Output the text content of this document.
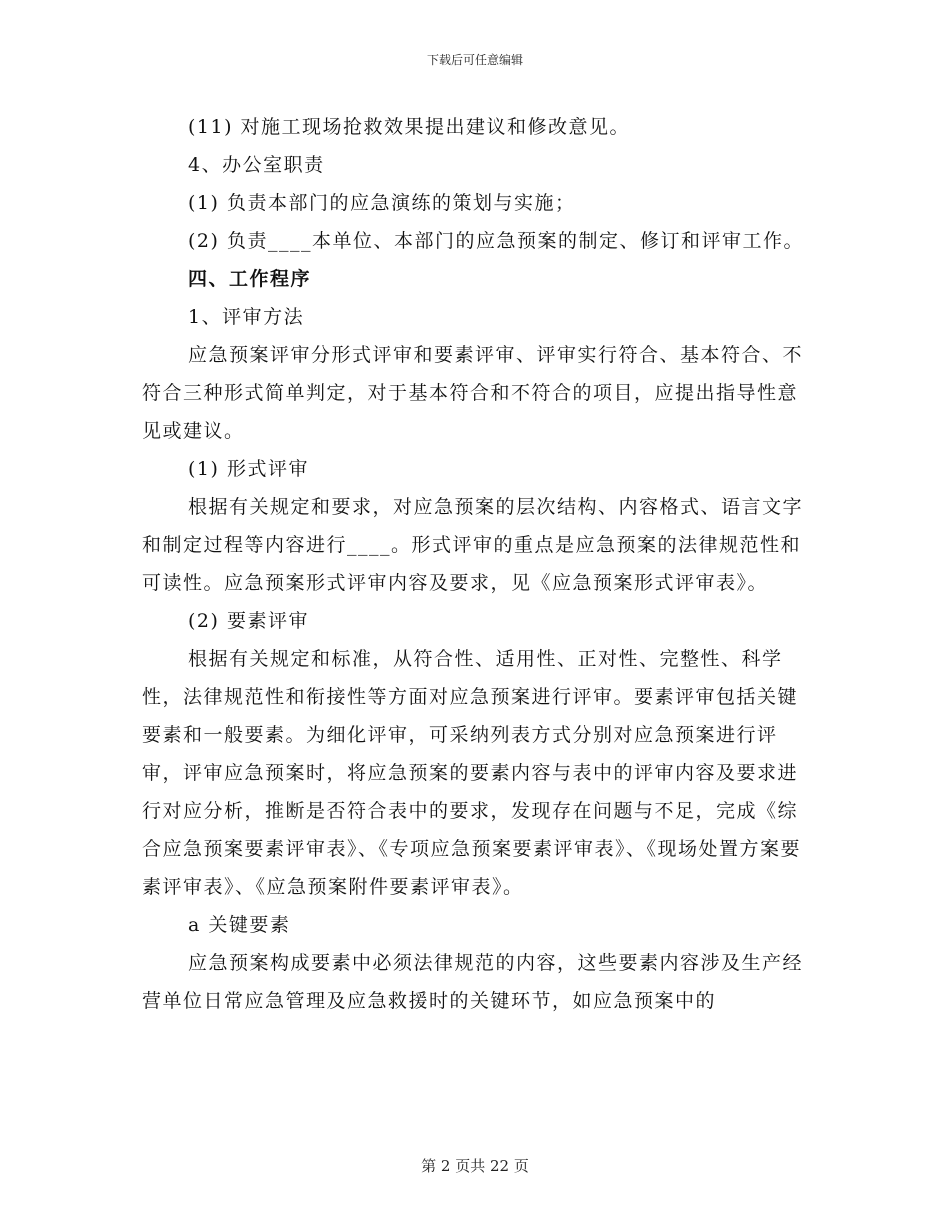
下载后可任意编辑

(11) 对施工现场抢救效果提出建议和修改意见。

4、办公室职责

(1) 负责本部门的应急演练的策划与实施；

(2) 负责____本单位、本部门的应急预案的制定、修订和评审工作。

四、工作程序

1、评审方法

应急预案评审分形式评审和要素评审、评审实行符合、基本符合、不符合三种形式简单判定，对于基本符合和不符合的项目，应提出指导性意见或建议。

(1) 形式评审

根据有关规定和要求，对应急预案的层次结构、内容格式、语言文字和制定过程等内容进行____。形式评审的重点是应急预案的法律规范性和可读性。应急预案形式评审内容及要求，见《应急预案形式评审表》。

(2) 要素评审

根据有关规定和标准，从符合性、适用性、正对性、完整性、科学性，法律规范性和衔接性等方面对应急预案进行评审。要素评审包括关键要素和一般要素。为细化评审，可采纳列表方式分别对应急预案进行评审，评审应急预案时，将应急预案的要素内容与表中的评审内容及要求进行对应分析，推断是否符合表中的要求，发现存在问题与不足，完成《综合应急预案要素评审表》、《专项应急预案要素评审表》、《现场处置方案要素评审表》、《应急预案附件要素评审表》。

a 关键要素

应急预案构成要素中必须法律规范的内容，这些要素内容涉及生产经营单位日常应急管理及应急救援时的关键环节，如应急预案中的

第 2 页共 22 页
